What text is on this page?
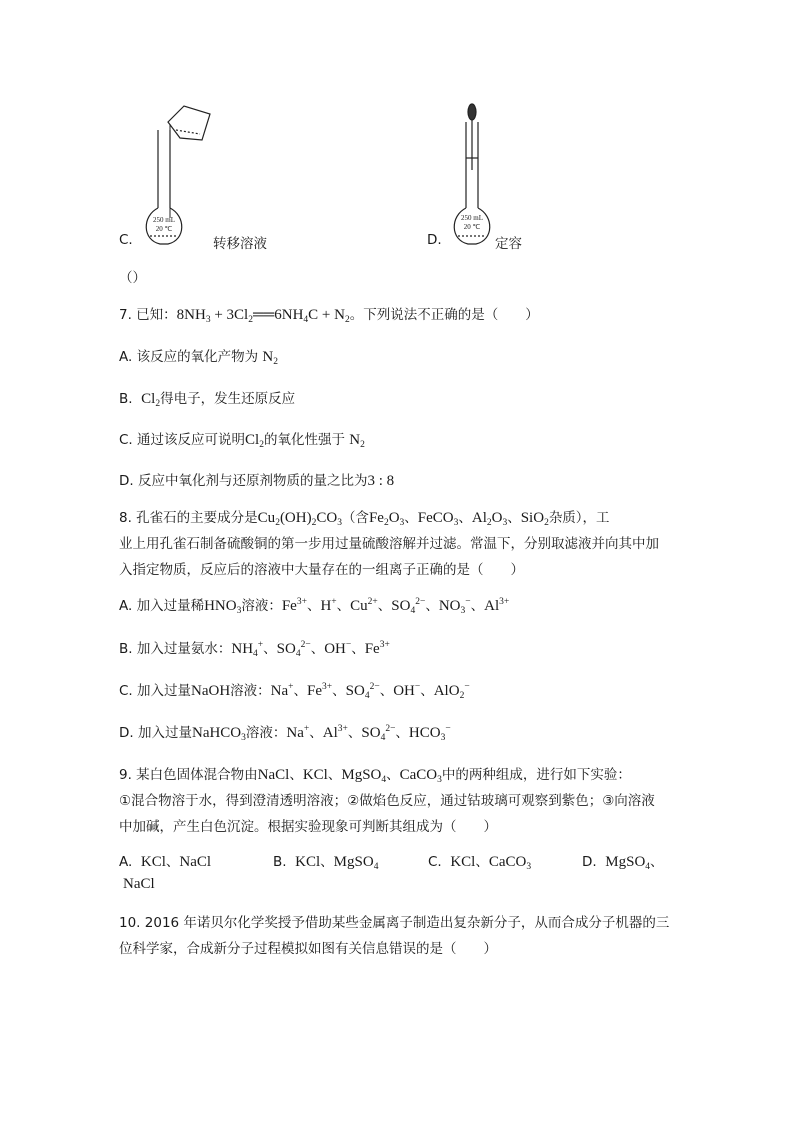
250 mL
20 ℃
250 mL
20 ℃
C.	转移溶液	D.	定容
（）
7. 已知：$8NH_3$ + $3Cl_2══6NH_4C + N_2$。下列说法不正确的是（　　）
A. 该反应的氧化产物为 $N_2$
B.  $Cl_2$得电子，发生还原反应
C. 通过该反应可说明$Cl_2$的氧化性强于 $N_2$
D. 反应中氧化剂与还原剂物质的量之比为3 : 8
8. 孔雀石的主要成分是$Cu_2(OH)_2CO_3$（含$Fe_2O_3$、FeCO$_3$、$Al_2O_3$、SiO$_2$杂质），工
业上用孔雀石制备硫酸铜的第一步用过量硫酸溶解并过滤。常温下，分别取滤液并向其中加
入指定物质，反应后的溶液中大量存在的一组离子正确的是（　　）
A. 加入过量稀$HNO_3$溶液：$Fe^{3+}$、H+、$Cu^{2+}$、$SO_4^{2-}$、$NO_3^-$、$Al^{3+}$
B. 加入过量氨水：$NH_4^+$、$SO_4^{2-}$、OH−、$Fe^{3+}$
C. 加入过量NaOH溶液：Na+、$Fe^{3+}$、$SO_4^{2-}$、OH−、AlO$_2$−
D. 加入过量NaHCO$_3$溶液：Na+、$Al^{3+}$、$SO_4^{2-}$、$HCO_3^-$
9. 某白色固体混合物由NaCl、KCl、MgSO$_4$、CaCO$_3$中的两种组成，进行如下实验：
①混合物溶于水，得到澄清透明溶液；②做焰色反应，通过钴玻璃可观察到紫色；③向溶液
中加碱，产生白色沉淀。根据实验现象可判断其组成为（　　）
A. KCl、NaCl	B. KCl、MgSO$_4$	C. KCl、CaCO$_3$	D. MgSO$_4$、
NaCl
10. 2016 年诺贝尔化学奖授予借助某些金属离子制造出复杂新分子，从而合成分子机器的三
位科学家，合成新分子过程模拟如图有关信息错误的是（　　）
